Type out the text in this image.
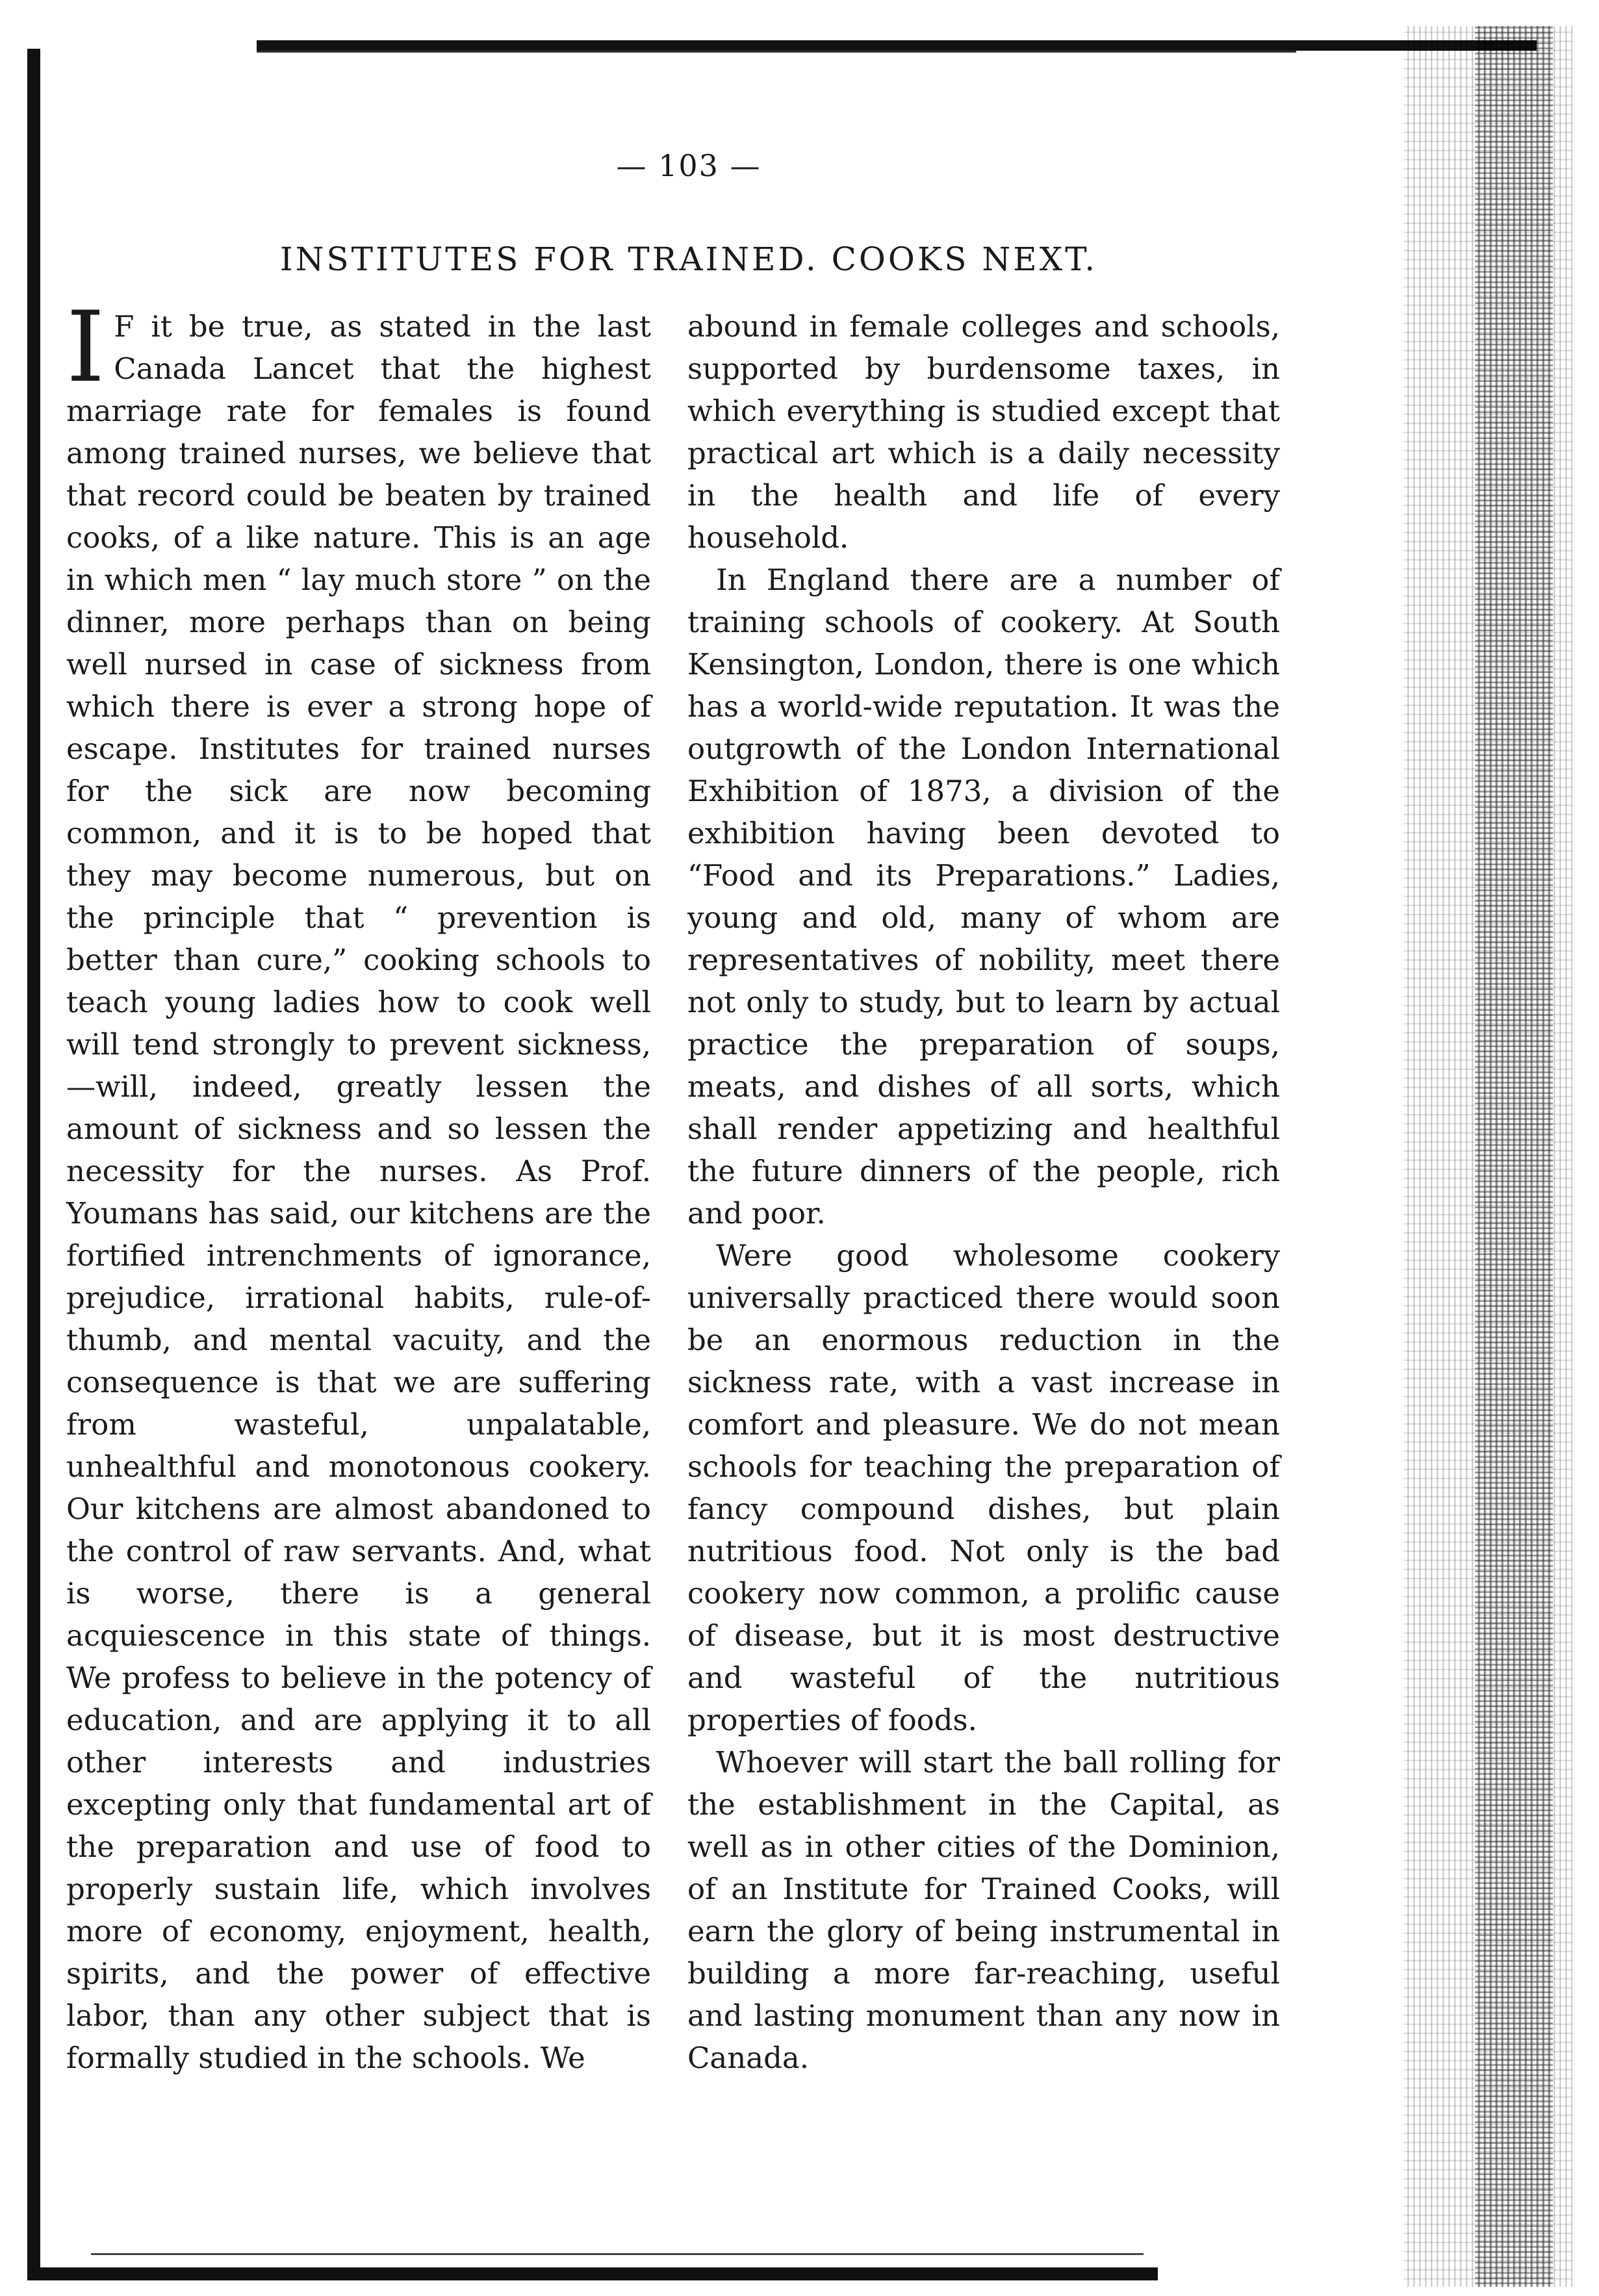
— 103 —
INSTITUTES FOR TRAINED. COOKS NEXT.

I F it be true, as stated in the last Canada Lancet that the highest marriage rate for females is found among trained nurses, we believe that that record could be beaten by trained cooks, of a like nature. This is an age in which men “ lay much store ” on the dinner, more perhaps than on being well nursed in case of sickness from which there is ever a strong hope of escape. Institutes for trained nurses for the sick are now becoming common, and it is to be hoped that they may become numerous, but on the principle that “ prevention is better than cure,” cooking schools to teach young ladies how to cook well will tend strongly to prevent sickness,—will, indeed, greatly lessen the amount of sickness and so lessen the necessity for the nurses. As Prof. Youmans has said, our kitchens are the fortified intrenchments of ignorance, prejudice, irrational habits, rule-of-thumb, and mental vacuity, and the consequence is that we are suffering from wasteful, unpalatable, unhealthful and monotonous cookery. Our kitchens are almost abandoned to the control of raw servants. And, what is worse, there is a general acquiescence in this state of things. We profess to believe in the potency of education, and are applying it to all other interests and industries excepting only that fundamental art of the preparation and use of food to properly sustain life, which involves more of economy, enjoyment, health, spirits, and the power of effective labor, than any other subject that is formally studied in the schools. We

abound in female colleges and schools, supported by burdensome taxes, in which everything is studied except that practical art which is a daily necessity in the health and life of every household.

In England there are a number of training schools of cookery. At South Kensington, London, there is one which has a world-wide reputation. It was the outgrowth of the London International Exhibition of 1873, a division of the exhibition having been devoted to “Food and its Preparations.” Ladies, young and old, many of whom are representatives of nobility, meet there not only to study, but to learn by actual practice the preparation of soups, meats, and dishes of all sorts, which shall render appetizing and healthful the future dinners of the people, rich and poor.

Were good wholesome cookery universally practiced there would soon be an enormous reduction in the sickness rate, with a vast increase in comfort and pleasure. We do not mean schools for teaching the preparation of fancy compound dishes, but plain nutritious food. Not only is the bad cookery now common, a prolific cause of disease, but it is most destructive and wasteful of the nutritious properties of foods.

Whoever will start the ball rolling for the establishment in the Capital, as well as in other cities of the Dominion, of an Institute for Trained Cooks, will earn the glory of being instrumental in building a more far-reaching, useful and lasting monument than any now in Canada.
